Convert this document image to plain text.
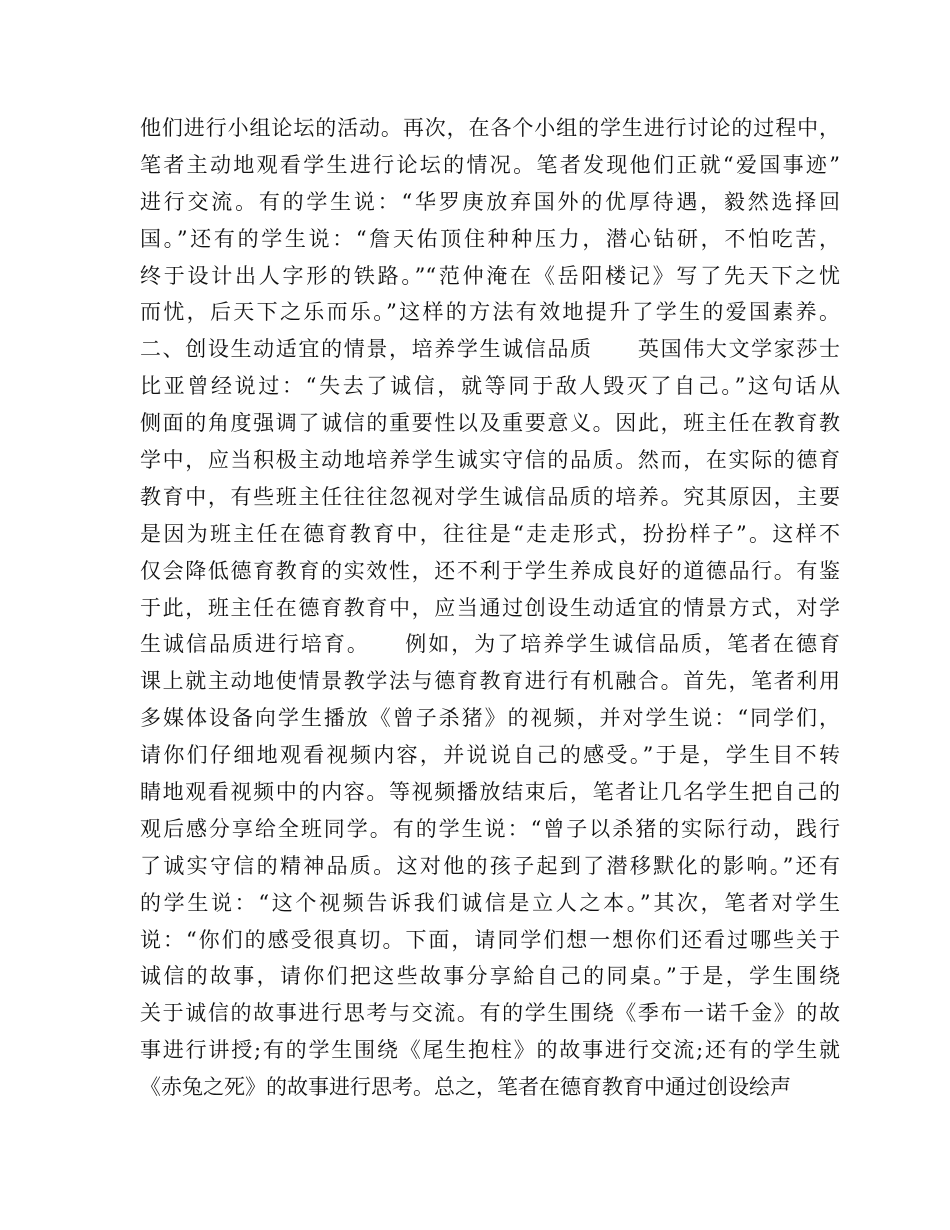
他们进行小组论坛的活动。再次，在各个小组的学生进行讨论的过程中，
笔者主动地观看学生进行论坛的情况。笔者发现他们正就“爱国事迹”
进行交流。有的学生说：“华罗庚放弃国外的优厚待遇，毅然选择回
国。”还有的学生说：“詹天佑顶住种种压力，潜心钻研，不怕吃苦，
终于设计出人字形的铁路。”“范仲淹在《岳阳楼记》写了先天下之忧
而忧，后天下之乐而乐。”这样的方法有效地提升了学生的爱国素养。
二、创设生动适宜的情景，培养学生诚信品质　　英国伟大文学家莎士
比亚曾经说过：“失去了诚信，就等同于敌人毁灭了自己。”这句话从
侧面的角度强调了诚信的重要性以及重要意义。因此，班主任在教育教
学中，应当积极主动地培养学生诚实守信的品质。然而，在实际的德育
教育中，有些班主任往往忽视对学生诚信品质的培养。究其原因，主要
是因为班主任在德育教育中，往往是“走走形式，扮扮样子”。这样不
仅会降低德育教育的实效性，还不利于学生养成良好的道德品行。有鉴
于此，班主任在德育教育中，应当通过创设生动适宜的情景方式，对学
生诚信品质进行培育。　　例如，为了培养学生诚信品质，笔者在德育
课上就主动地使情景教学法与德育教育进行有机融合。首先，笔者利用
多媒体设备向学生播放《曾子杀猪》的视频，并对学生说：“同学们，
请你们仔细地观看视频内容，并说说自己的感受。”于是，学生目不转
睛地观看视频中的内容。等视频播放结束后，笔者让几名学生把自己的
观后感分享给全班同学。有的学生说：“曾子以杀猪的实际行动，践行
了诚实守信的精神品质。这对他的孩子起到了潜移默化的影响。”还有
的学生说：“这个视频告诉我们诚信是立人之本。”其次，笔者对学生
说：“你们的感受很真切。下面，请同学们想一想你们还看过哪些关于
诚信的故事，请你们把这些故事分享給自己的同桌。”于是，学生围绕
关于诚信的故事进行思考与交流。有的学生围绕《季布一诺千金》的故
事进行讲授;有的学生围绕《尾生抱柱》的故事进行交流;还有的学生就
《赤兔之死》的故事进行思考。总之，笔者在德育教育中通过创设绘声
